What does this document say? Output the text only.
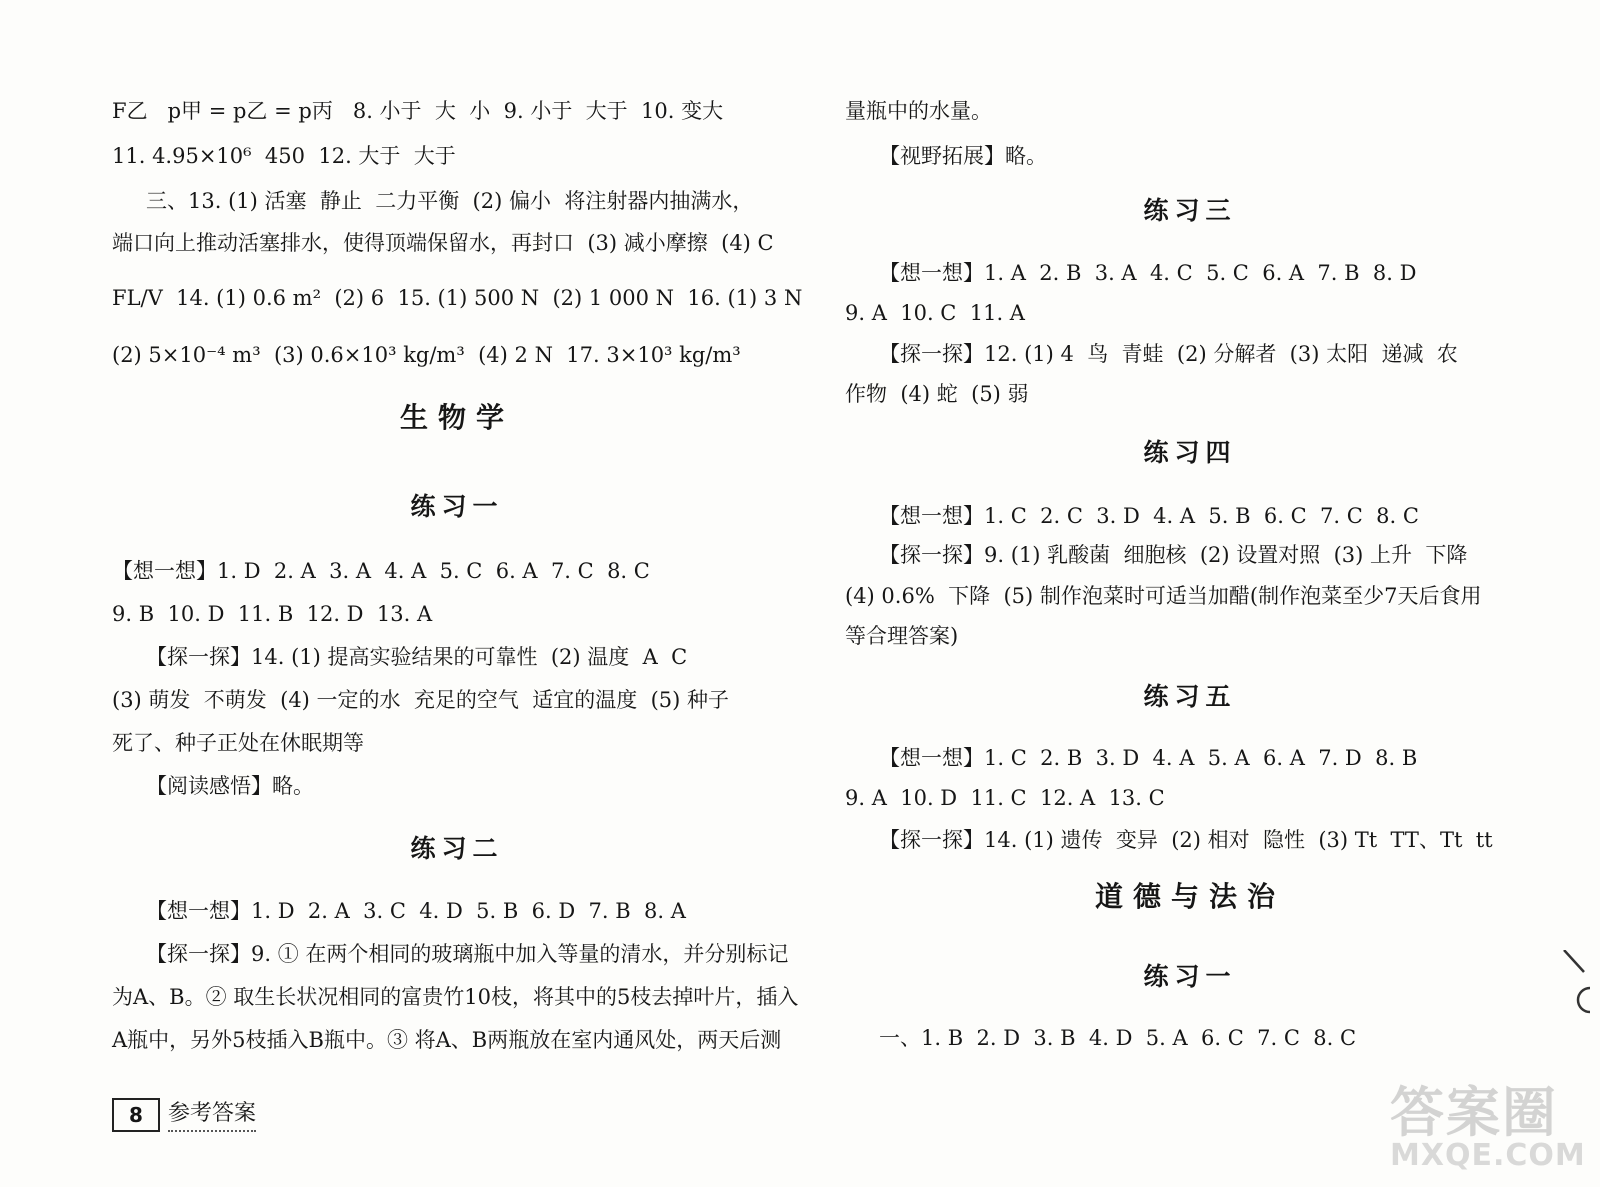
F乙   p甲 = p乙 = p丙   8. 小于  大  小  9. 小于  大于  10. 变大
11. 4.95×10⁶  450  12. 大于  大于
三、13. (1) 活塞  静止  二力平衡  (2) 偏小  将注射器内抽满水，
端口向上推动活塞排水，使得顶端保留水，再封口  (3) 减小摩擦  (4) C
FL/V  14. (1) 0.6 m²  (2) 6  15. (1) 500 N  (2) 1 000 N  16. (1) 3 N
(2) 5×10⁻⁴ m³  (3) 0.6×10³ kg/m³  (4) 2 N  17. 3×10³ kg/m³
生物学
练习一
【想一想】1. D  2. A  3. A  4. A  5. C  6. A  7. C  8. C
9. B  10. D  11. B  12. D  13. A
【探一探】14. (1) 提高实验结果的可靠性  (2) 温度  A  C
(3) 萌发  不萌发  (4) 一定的水  充足的空气  适宜的温度  (5) 种子
死了、种子正处在休眠期等
【阅读感悟】略。
练习二
【想一想】1. D  2. A  3. C  4. D  5. B  6. D  7. B  8. A
【探一探】9. ① 在两个相同的玻璃瓶中加入等量的清水，并分别标记
为A、B。② 取生长状况相同的富贵竹10枝，将其中的5枝去掉叶片，插入
A瓶中，另外5枝插入B瓶中。③ 将A、B两瓶放在室内通风处，两天后测
量瓶中的水量。
【视野拓展】略。
练习三
【想一想】1. A  2. B  3. A  4. C  5. C  6. A  7. B  8. D
9. A  10. C  11. A
【探一探】12. (1) 4  鸟  青蛙  (2) 分解者  (3) 太阳  递减  农
作物  (4) 蛇  (5) 弱
练习四
【想一想】1. C  2. C  3. D  4. A  5. B  6. C  7. C  8. C
【探一探】9. (1) 乳酸菌  细胞核  (2) 设置对照  (3) 上升  下降
(4) 0.6%  下降  (5) 制作泡菜时可适当加醋(制作泡菜至少7天后食用
等合理答案)
练习五
【想一想】1. C  2. B  3. D  4. A  5. A  6. A  7. D  8. B
9. A  10. D  11. C  12. A  13. C
【探一探】14. (1) 遗传  变异  (2) 相对  隐性  (3) Tt  TT、Tt  tt
道德与法治
练习一
一、1. B  2. D  3. B  4. D  5. A  6. C  7. C  8. C
8	参考答案	答案圈
MXQE.COM
